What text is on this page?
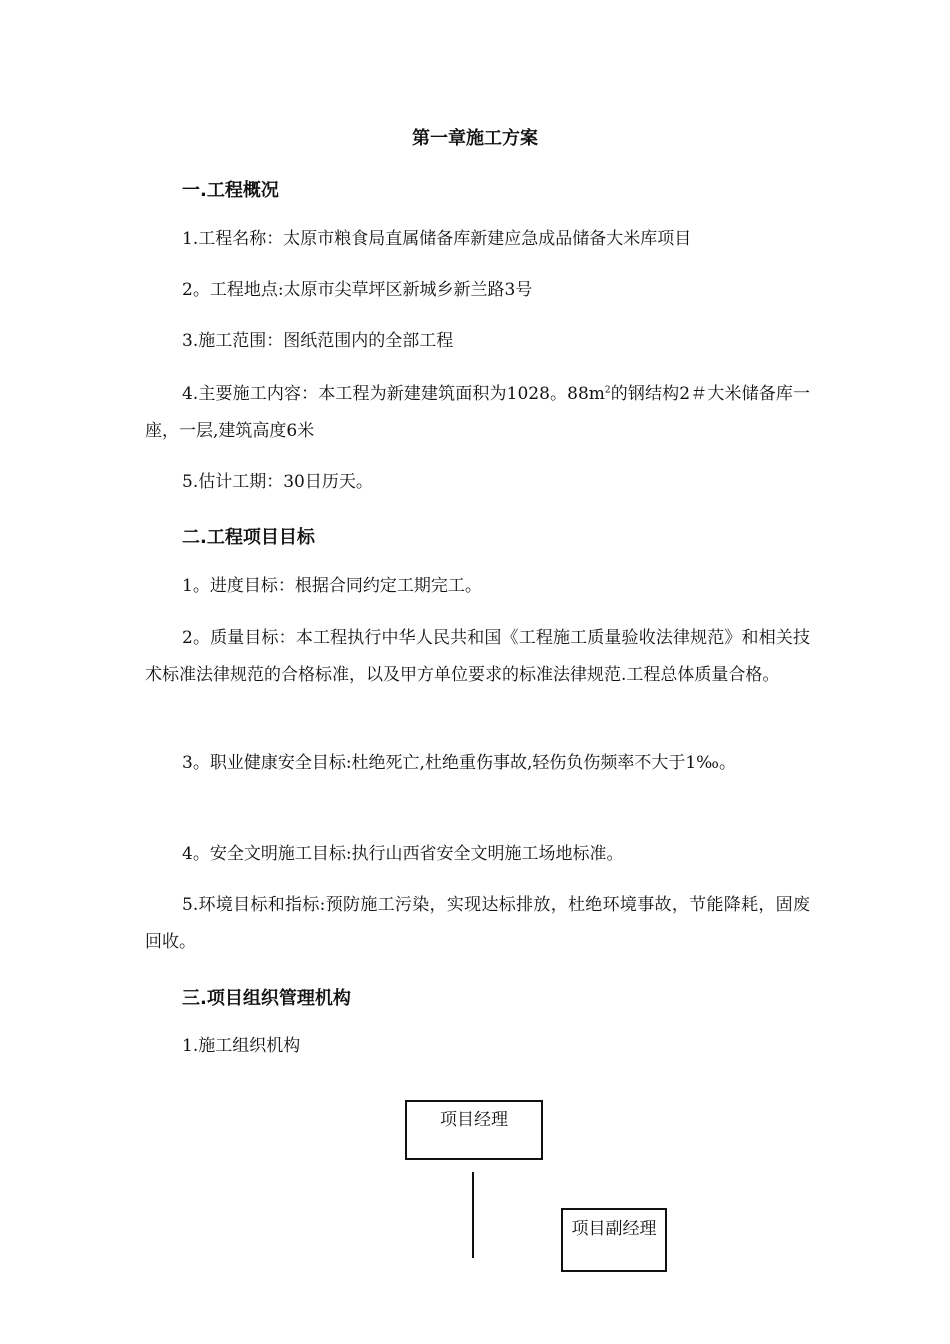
第一章施工方案
一.工程概况

1.工程名称：太原市粮食局直属储备库新建应急成品储备大米库项目

2。工程地点:太原市尖草坪区新城乡新兰路3号

3.施工范围：图纸范围内的全部工程

4.主要施工内容：本工程为新建建筑面积为1028。$88m^2$的钢结构2＃大米储备库一座，一层,建筑高度6米

5.估计工期：30日历天。

二.工程项目目标

1。进度目标：根据合同约定工期完工。

2。质量目标：本工程执行中华人民共和国《工程施工质量验收法律规范》和相关技术标准法律规范的合格标准，以及甲方单位要求的标准法律规范.工程总体质量合格。

3。职业健康安全目标:杜绝死亡,杜绝重伤事故,轻伤负伤频率不大于1‰。

4。安全文明施工目标:执行山西省安全文明施工场地标准。

5.环境目标和指标:预防施工污染，实现达标排放，杜绝环境事故，节能降耗，固废回收。

三.项目组织管理机构

1.施工组织机构

项目经理
项目副经理
